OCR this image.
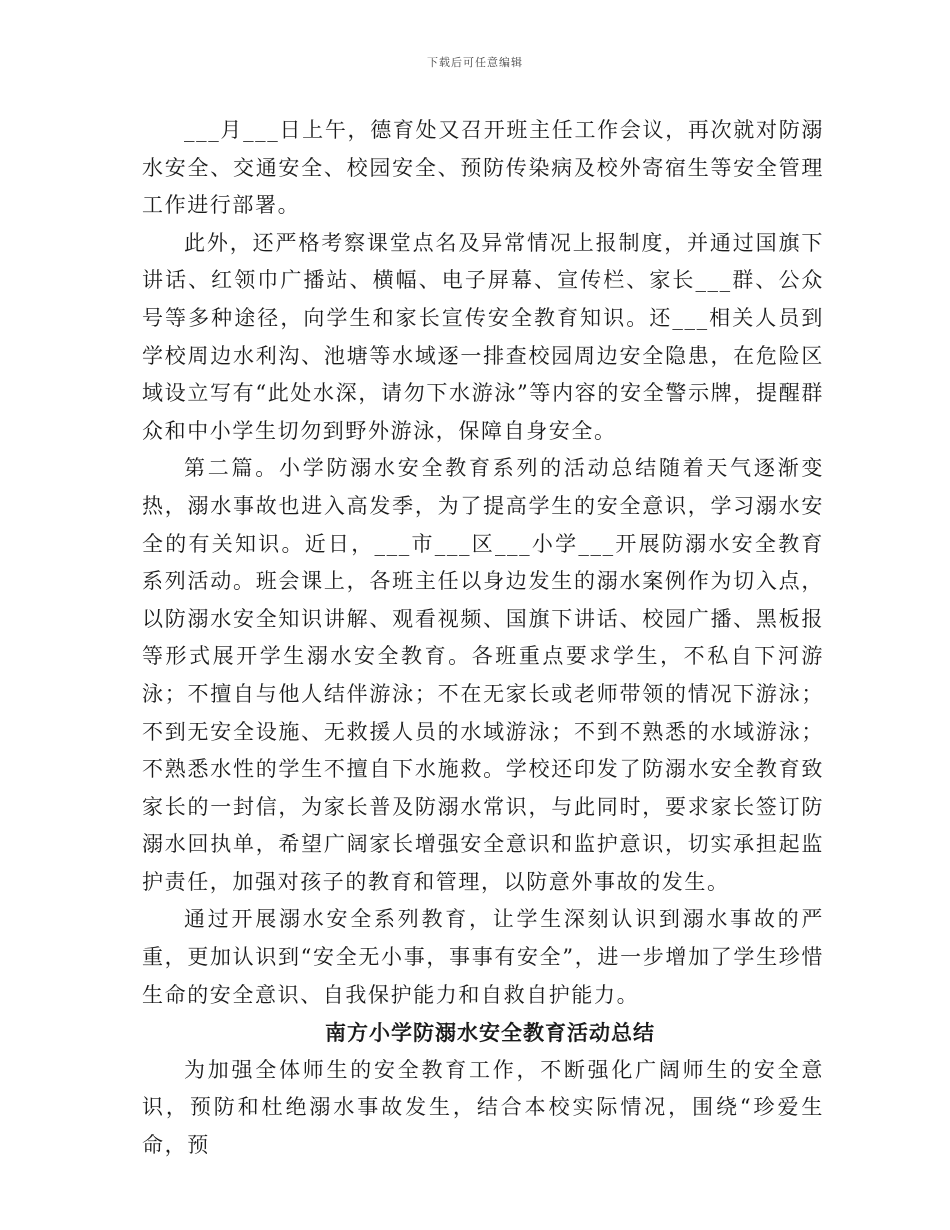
下载后可任意编辑

___月___日上午，德育处又召开班主任工作会议，再次就对防溺水安全、交通安全、校园安全、预防传染病及校外寄宿生等安全管理工作进行部署。

此外，还严格考察课堂点名及异常情况上报制度，并通过国旗下讲话、红领巾广播站、横幅、电子屏幕、宣传栏、家长___群、公众号等多种途径，向学生和家长宣传安全教育知识。还___相关人员到学校周边水利沟、池塘等水域逐一排查校园周边安全隐患，在危险区域设立写有“此处水深，请勿下水游泳”等内容的安全警示牌，提醒群众和中小学生切勿到野外游泳，保障自身安全。

第二篇。小学防溺水安全教育系列的活动总结随着天气逐渐变热，溺水事故也进入高发季，为了提高学生的安全意识，学习溺水安全的有关知识。近日，___市___区___小学___开展防溺水安全教育系列活动。班会课上，各班主任以身边发生的溺水案例作为切入点，以防溺水安全知识讲解、观看视频、国旗下讲话、校园广播、黑板报等形式展开学生溺水安全教育。各班重点要求学生，不私自下河游泳；不擅自与他人结伴游泳；不在无家长或老师带领的情况下游泳；不到无安全设施、无救援人员的水域游泳；不到不熟悉的水域游泳；不熟悉水性的学生不擅自下水施救。学校还印发了防溺水安全教育致家长的一封信，为家长普及防溺水常识，与此同时，要求家长签订防溺水回执单，希望广阔家长增强安全意识和监护意识，切实承担起监护责任，加强对孩子的教育和管理，以防意外事故的发生。

通过开展溺水安全系列教育，让学生深刻认识到溺水事故的严重，更加认识到“安全无小事，事事有安全”，进一步增加了学生珍惜生命的安全意识、自我保护能力和自救自护能力。

南方小学防溺水安全教育活动总结

为加强全体师生的安全教育工作，不断强化广阔师生的安全意识，预防和杜绝溺水事故发生，结合本校实际情况，围绕“珍爱生命，预
